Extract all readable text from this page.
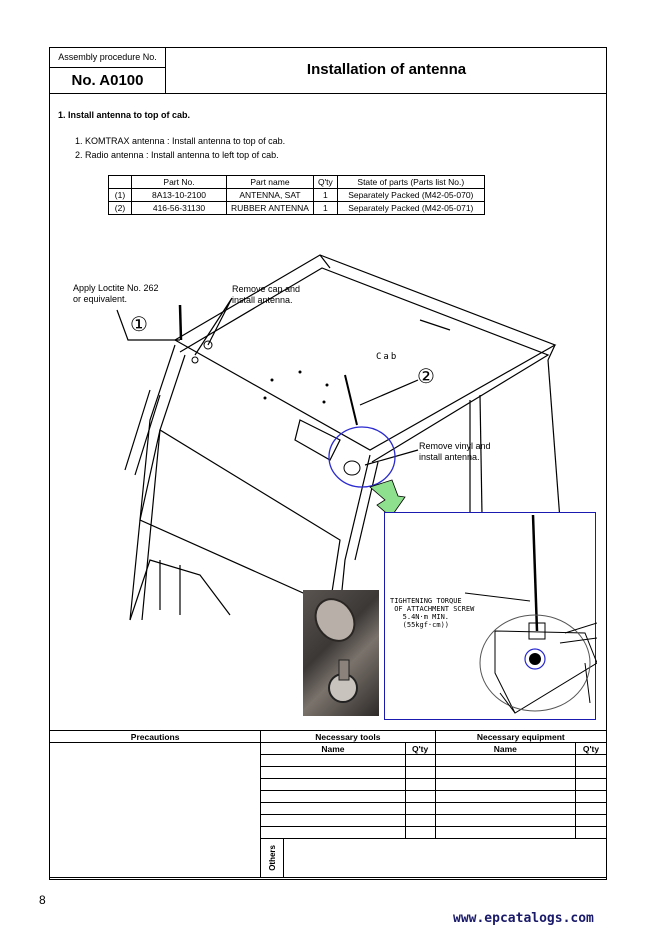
Assembly procedure No.
No. A0100
Installation of antenna
1. Install antenna to top of cab.
1. KOMTRAX antenna : Install antenna to top of cab.
2. Radio antenna : Install antenna to left top of cab.
	Part No.	Part name	Q'ty	State of parts (Parts list No.)
(1)	8A13-10-2100	ANTENNA, SAT	1	Separately Packed (M42-05-070)
(2)	416-56-31130	RUBBER ANTENNA	1	Separately Packed (M42-05-071)
Apply Loctite No. 262
or equivalent.
Remove cap and
install antenna.
Cab
Remove vinyl and
install antenna.
①
②
TIGHTENING TORQUE
OF ATTACHMENT SCREW
5.4N·m MIN.
(55kgf·cm))
Precautions	Necessary tools		Necessary equipment	
	Name	Q'ty	Name	Q'ty

	Others			
8
www.epcatalogs.com
